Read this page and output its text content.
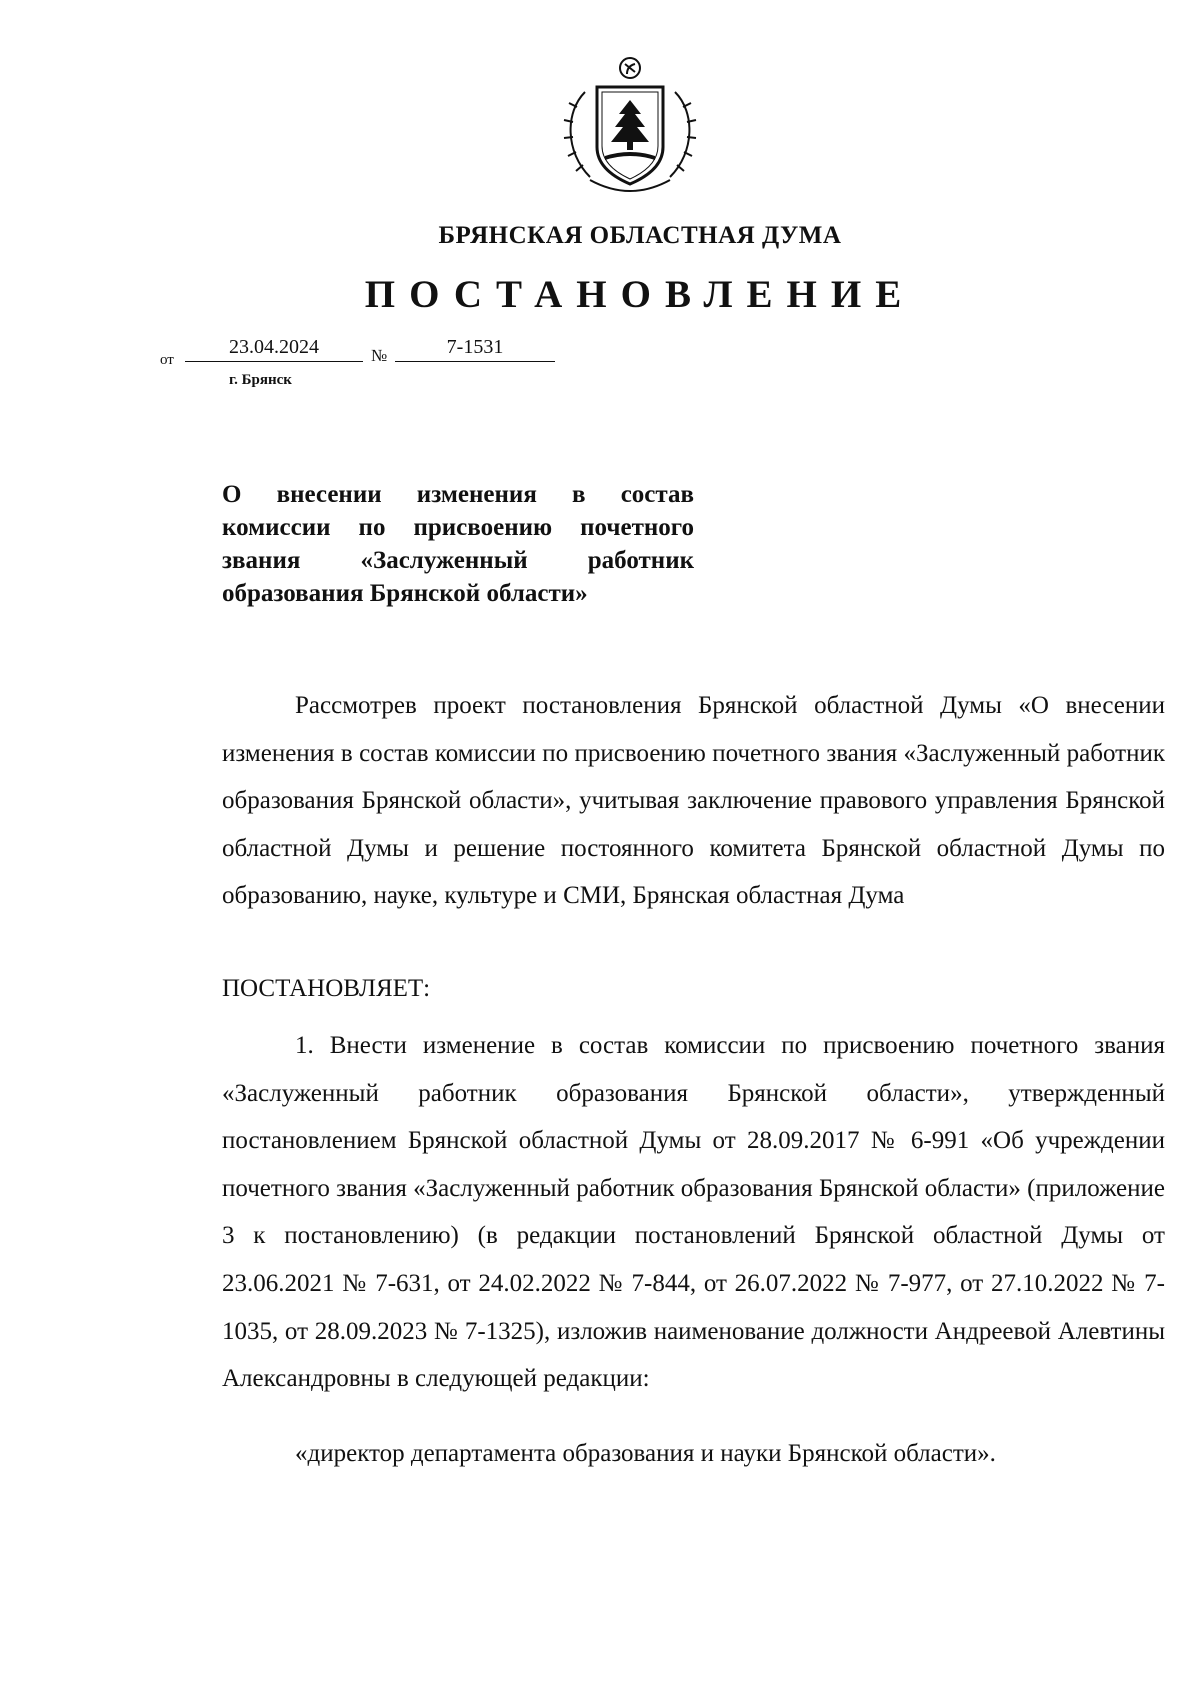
БРЯНСКАЯ ОБЛАСТНАЯ ДУМА
ПОСТАНОВЛЕНИЕ
от
23.04.2024	№	7-1531
г. Брянск
О внесении изменения в состав
комиссии по присвоению почетного
звания «Заслуженный работник
образования Брянской области»
Рассмотрев проект постановления Брянской областной Думы «О внесении изменения в состав комиссии по присвоению почетного звания «Заслуженный работник образования Брянской области», учитывая заключение правового управления Брянской областной Думы и решение постоянного комитета Брянской областной Думы по образованию, науке, культуре и СМИ, Брянская областная Дума
ПОСТАНОВЛЯЕТ:
1. Внести изменение в состав комиссии по присвоению почетного звания «Заслуженный работник образования Брянской области», утвержденный постановлением Брянской областной Думы от 28.09.2017 № 6-991 «Об учреждении почетного звания «Заслуженный работник образования Брянской области» (приложение 3 к постановлению) (в редакции постановлений Брянской областной Думы от 23.06.2021 № 7-631, от 24.02.2022 № 7-844, от 26.07.2022 № 7-977, от 27.10.2022 № 7-1035, от 28.09.2023 № 7-1325), изложив наименование должности Андреевой Алевтины Александровны в следующей редакции:
«директор департамента образования и науки Брянской области».
